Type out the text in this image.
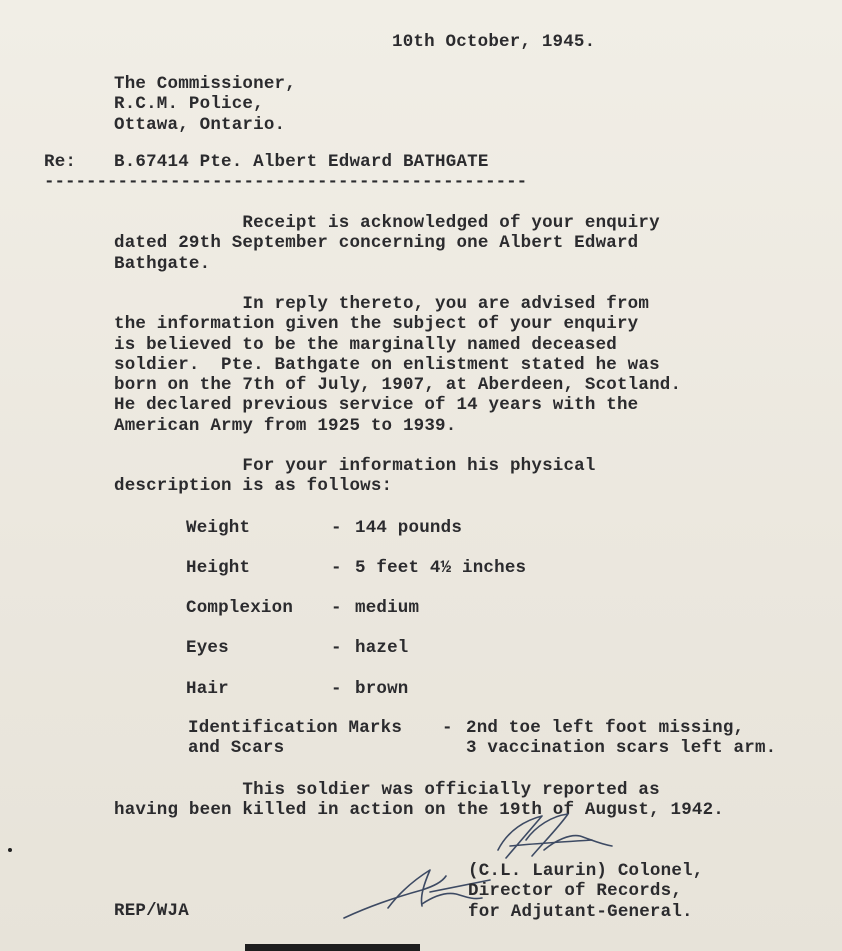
10th October, 1945.
The Commissioner,
R.C.M. Police,
Ottawa, Ontario.
Re: B.67414 Pte. Albert Edward BATHGATE
----------------------------------------------
Receipt is acknowledged of your enquiry
dated 29th September concerning one Albert Edward
Bathgate.
In reply thereto, you are advised from
the information given the subject of your enquiry
is believed to be the marginally named deceased
soldier.  Pte. Bathgate on enlistment stated he was
born on the 7th of July, 1907, at Aberdeen, Scotland.
He declared previous service of 14 years with the
American Army from 1925 to 1939.
For your information his physical
description is as follows:
Weight	- 144 pounds
Height	- 5 feet 4½ inches
Complexion - medium
Eyes	- hazel
Hair	- brown
Identification Marks
and Scars
- 2nd toe left foot missing,
3 vaccination scars left arm.
This soldier was officially reported as
having been killed in action on the 19th of August, 1942.
(C.L. Laurin) Colonel,
Director of Records,
for Adjutant-General.
REP/WJA
